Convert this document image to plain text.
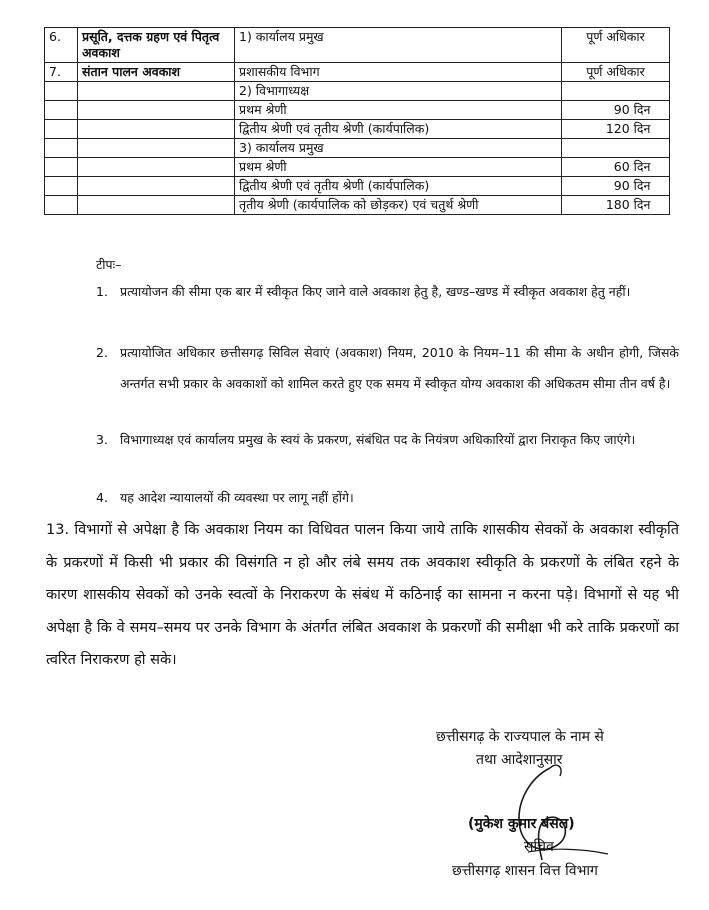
6.	प्रसूति, दत्तक ग्रहण एवं पितृत्व अवकाश	1) कार्यालय प्रमुख	पूर्ण अधिकार
7.	संतान पालन अवकाश	प्रशासकीय विभाग	पूर्ण अधिकार
		2) विभागाध्यक्ष	
		प्रथम श्रेणी	90 दिन
		द्वितीय श्रेणी एवं तृतीय श्रेणी (कार्यपालिक)	120 दिन
		3) कार्यालय प्रमुख	
		प्रथम श्रेणी	60 दिन
		द्वितीय श्रेणी एवं तृतीय श्रेणी (कार्यपालिक)	90 दिन
		तृतीय श्रेणी (कार्यपालिक को छोड़कर) एवं चतुर्थ श्रेणी	180 दिन
टीपः–
1. प्रत्यायोजन की सीमा एक बार में स्वीकृत किए जाने वाले अवकाश हेतु है, खण्ड–खण्ड में स्वीकृत अवकाश हेतु नहीं।
2. प्रत्यायोजित अधिकार छत्तीसगढ़ सिविल सेवाएं (अवकाश) नियम, 2010 के नियम–11 की सीमा के अधीन होगी, जिसके अन्तर्गत सभी प्रकार के अवकाशों को शामिल करते हुए एक समय में स्वीकृत योग्य अवकाश की अधिकतम सीमा तीन वर्ष है।
3. विभागाध्यक्ष एवं कार्यालय प्रमुख के स्वयं के प्रकरण, संबंधित पद के नियंत्रण अधिकारियों द्वारा निराकृत किए जाएंगे।
4. यह आदेश न्यायालयों की व्यवस्था पर लागू नहीं होंगे।
13. विभागों से अपेक्षा है कि अवकाश नियम का विधिवत पालन किया जाये ताकि शासकीय सेवकों के अवकाश स्वीकृति के प्रकरणों में किसी भी प्रकार की विसंगति न हो और लंबे समय तक अवकाश स्वीकृति के प्रकरणों के लंबित रहने के कारण शासकीय सेवकों को उनके स्वत्वों के निराकरण के संबंध में कठिनाई का सामना न करना पड़े। विभागों से यह भी अपेक्षा है कि वे समय–समय पर उनके विभाग के अंतर्गत लंबित अवकाश के प्रकरणों की समीक्षा भी करे ताकि प्रकरणों का त्वरित निराकरण हो सके।
छत्तीसगढ़ के राज्यपाल के नाम से
तथा आदेशानुसार
(मुकेश कुमार बंसल)
सचिव
छत्तीसगढ़ शासन वित्त विभाग
